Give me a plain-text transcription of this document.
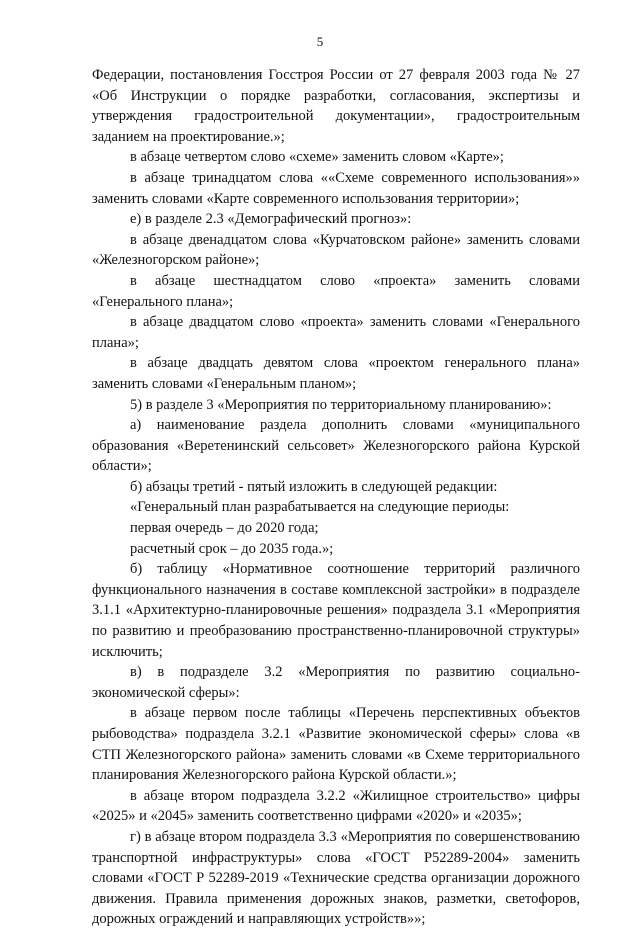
5

Федерации, постановления Госстроя России от 27 февраля 2003 года № 27 «Об Инструкции о порядке разработки, согласования, экспертизы и утверждения градостроительной документации», градостроительным заданием на проектирование.»;

в абзаце четвертом слово «схеме» заменить словом «Карте»;

в абзаце тринадцатом слова ««Схеме современного использования»» заменить словами «Карте современного использования территории»;

е) в разделе 2.3 «Демографический прогноз»:

в абзаце двенадцатом слова «Курчатовском районе» заменить словами «Железногорском районе»;

в абзаце шестнадцатом слово «проекта» заменить словами «Генерального плана»;

в абзаце двадцатом слово «проекта» заменить словами «Генерального плана»;

в абзаце двадцать девятом слова «проектом генерального плана» заменить словами «Генеральным планом»;

5) в разделе 3 «Мероприятия по территориальному планированию»:

а) наименование раздела дополнить словами «муниципального образования «Веретенинский сельсовет» Железногорского района Курской области»;

б) абзацы третий - пятый изложить в следующей редакции:

«Генеральный план разрабатывается на следующие периоды:

первая очередь – до 2020 года;

расчетный срок – до 2035 года.»;

б) таблицу «Нормативное соотношение территорий различного функционального назначения в составе комплексной застройки» в подразделе 3.1.1 «Архитектурно-планировочные решения» подраздела 3.1 «Мероприятия по развитию и преобразованию пространственно-планировочной структуры» исключить;

в) в подразделе 3.2 «Мероприятия по развитию социально-экономической сферы»:

в абзаце первом после таблицы «Перечень перспективных объектов рыбоводства» подраздела 3.2.1 «Развитие экономической сферы» слова «в СТП Железногорского района» заменить словами «в Схеме территориального планирования Железногорского района Курской области.»;

в абзаце втором подраздела 3.2.2 «Жилищное строительство» цифры «2025» и «2045» заменить соответственно цифрами «2020» и «2035»;

г) в абзаце втором подраздела 3.3 «Мероприятия по совершенствованию транспортной инфраструктуры» слова «ГОСТ Р52289-2004» заменить словами «ГОСТ Р 52289-2019 «Технические средства организации дорожного движения. Правила применения дорожных знаков, разметки, светофоров, дорожных ограждений и направляющих устройств»»;
